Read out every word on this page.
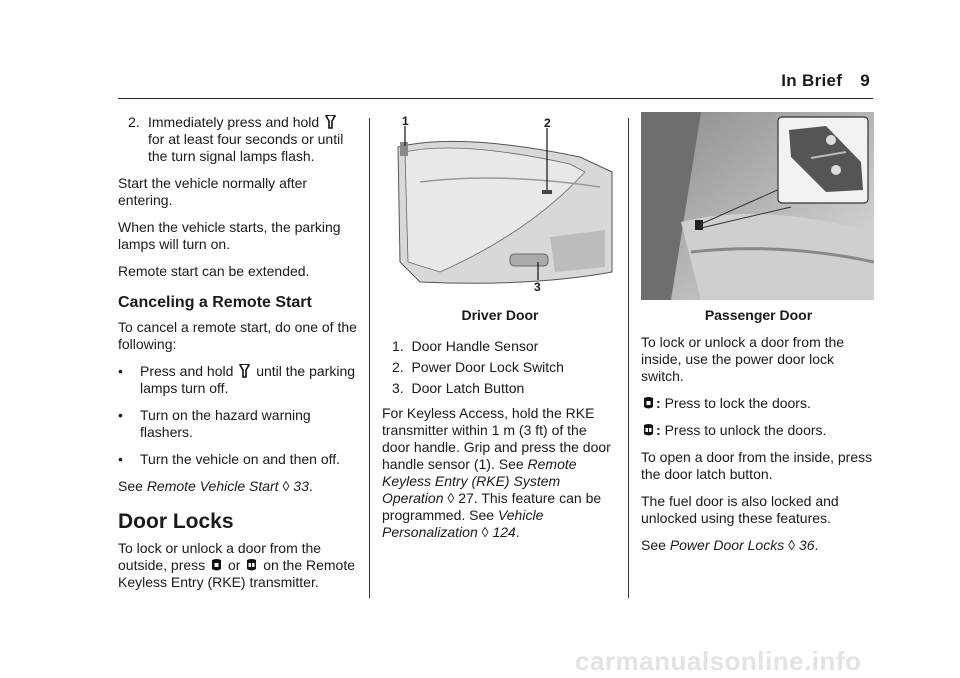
In Brief 9
2. Immediately press and hold  for at least four seconds or until the turn signal lamps flash.

Start the vehicle normally after entering.

When the vehicle starts, the parking lamps will turn on.

Remote start can be extended.

Canceling a Remote Start

To cancel a remote start, do one of the following:

• Press and hold until the parking lamps turn off.
• Turn on the hazard warning flashers.
• Turn the vehicle on and then off.

See Remote Vehicle Start ◊ 33.

Door Locks

To lock or unlock a door from the outside, press or on the Remote Keyless Entry (RKE) transmitter.

1	2
3
Driver Door
1.  Door Handle Sensor
2.  Power Door Lock Switch
3.  Door Latch Button

For Keyless Access, hold the RKE transmitter within 1 m (3 ft) of the door handle. Grip and press the door handle sensor (1). See Remote Keyless Entry (RKE) System Operation ◊ 27. This feature can be programmed. See Vehicle Personalization ◊ 124.

Passenger Door

To lock or unlock a door from the inside, use the power door lock switch.

: Press to lock the doors.

: Press to unlock the doors.

To open a door from the inside, press the door latch button.

The fuel door is also locked and unlocked using these features.

See Power Door Locks ◊ 36.

carmanualsonline.info
